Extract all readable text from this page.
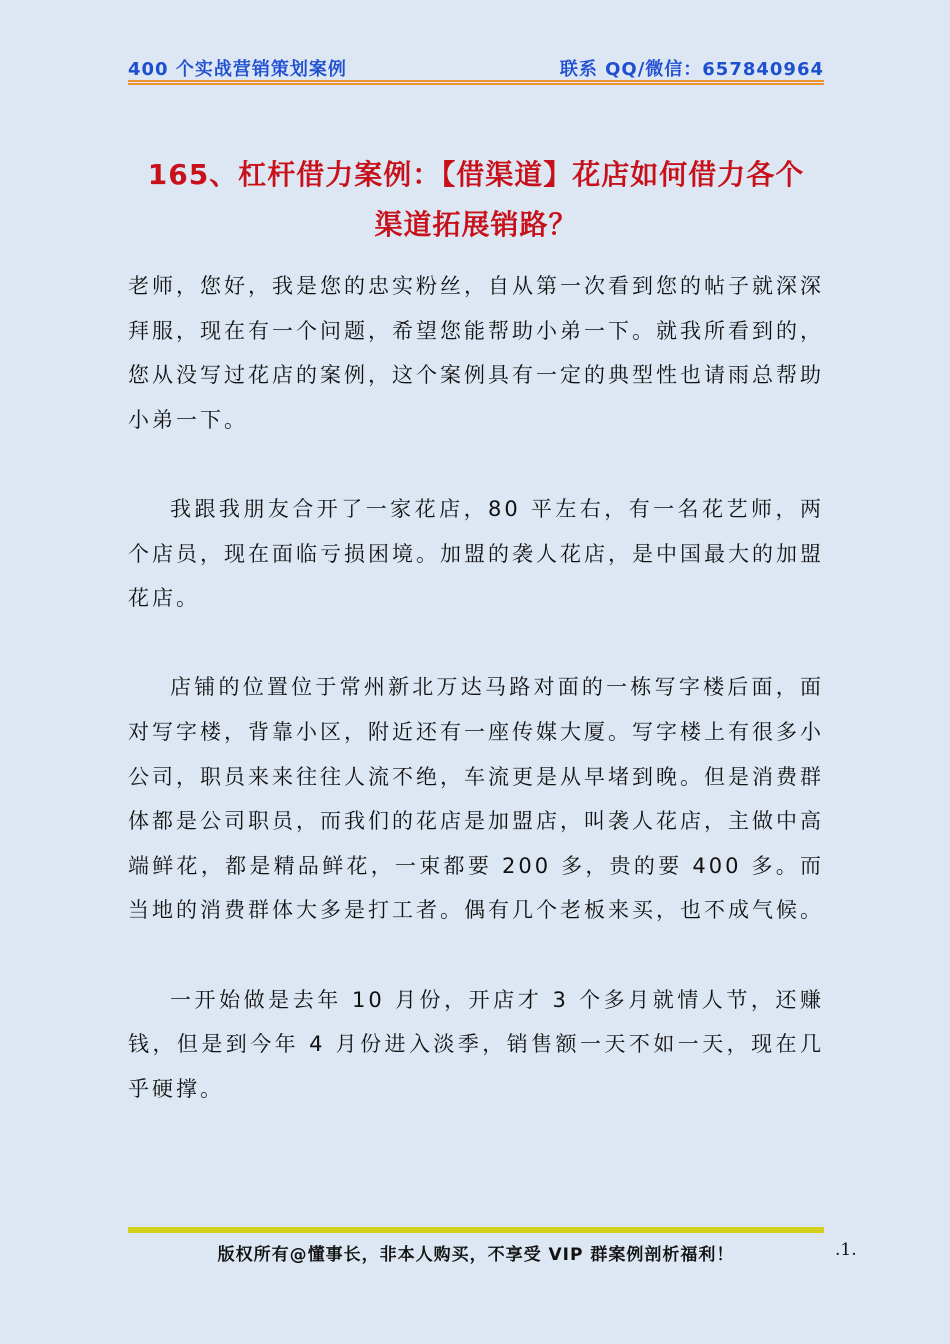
400 个实战营销策划案例	联系 QQ/微信：657840964
165、杠杆借力案例：【借渠道】花店如何借力各个
渠道拓展销路？

老师，您好，我是您的忠实粉丝，自从第一次看到您的帖子就深深拜服，现在有一个问题，希望您能帮助小弟一下。就我所看到的，您从没写过花店的案例，这个案例具有一定的典型性也请雨总帮助小弟一下。

我跟我朋友合开了一家花店，80 平左右，有一名花艺师，两个店员，现在面临亏损困境。加盟的袭人花店，是中国最大的加盟花店。

店铺的位置位于常州新北万达马路对面的一栋写字楼后面，面对写字楼，背靠小区，附近还有一座传媒大厦。写字楼上有很多小公司，职员来来往往人流不绝，车流更是从早堵到晚。但是消费群体都是公司职员，而我们的花店是加盟店，叫袭人花店，主做中高端鲜花，都是精品鲜花，一束都要 200 多，贵的要 400 多。而当地的消费群体大多是打工者。偶有几个老板来买，也不成气候。

一开始做是去年 10 月份，开店才 3 个多月就情人节，还赚钱，但是到今年 4 月份进入淡季，销售额一天不如一天，现在几乎硬撑。

版权所有@懂事长，非本人购买，不享受 VIP 群案例剖析福利！	.1.
